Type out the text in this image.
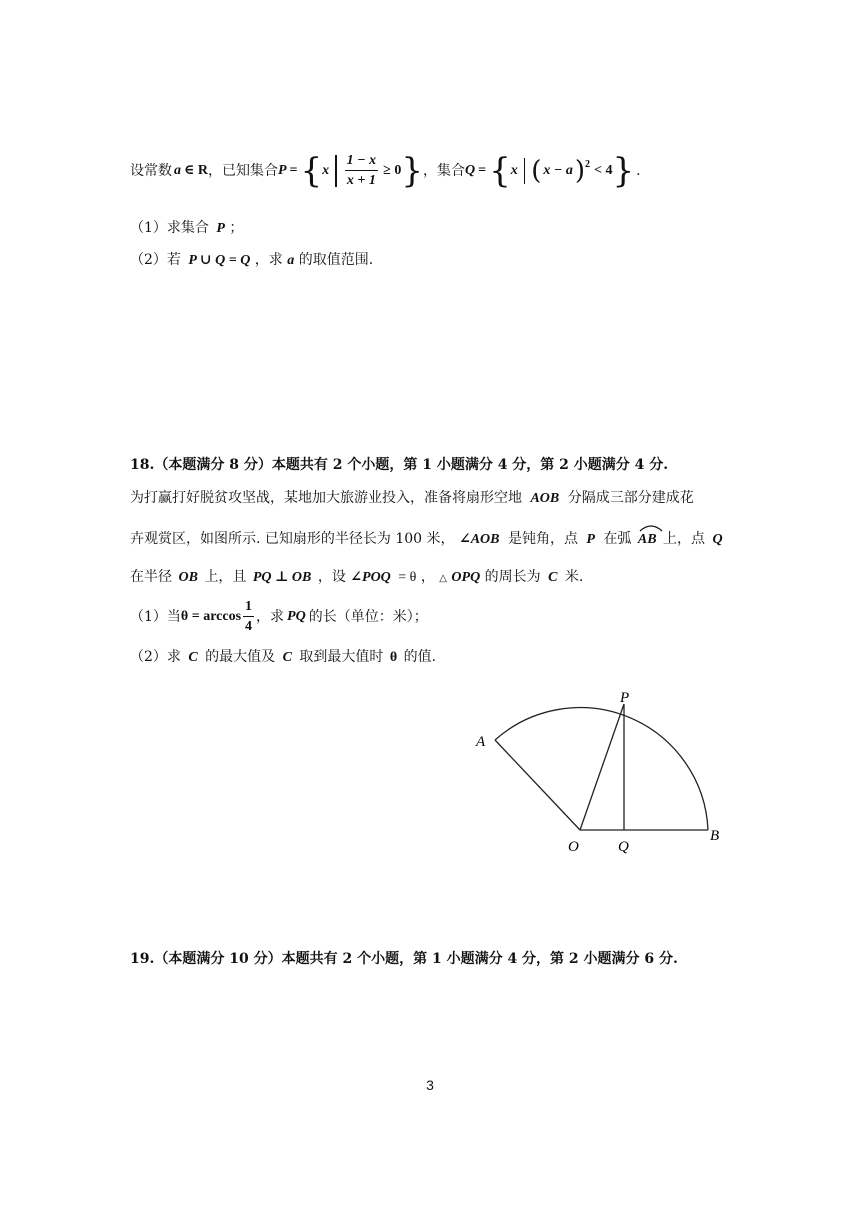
设常数 a ∈ R ，已知集合 P = { x $\frac{1 - x}{x + 1} \ge 0$ } ，集合 Q = { x ( x − a ) 2 < 4 } .
（1）求集合 P ；
（2）若 P ∪ Q = Q ，求 a 的取值范围.
18.（本题满分 8 分）本题共有 2 个小题，第 1 小题满分 4 分，第 2 小题满分 4 分.
为打赢打好脱贫攻坚战，某地加大旅游业投入，准备将扇形空地 AOB 分隔成三部分建成花
卉观赏区，如图所示. 已知扇形的半径长为 100 米， ∠AOB 是钝角，点 P 在弧 AB 上，点 Q
在半径 OB 上，且 PQ ⊥ OB ，设 ∠POQ = θ ， △ OPQ 的周长为 C 米.
（1）当 $\theta = \arccos \frac{1}{4}$ ，求 PQ 的长（单位：米）；
（2）求 C 的最大值及 C 取到最大值时 θ 的值.
A
P
O	Q
B
19.（本题满分 10 分）本题共有 2 个小题，第 1 小题满分 4 分，第 2 小题满分 6 分.
3
